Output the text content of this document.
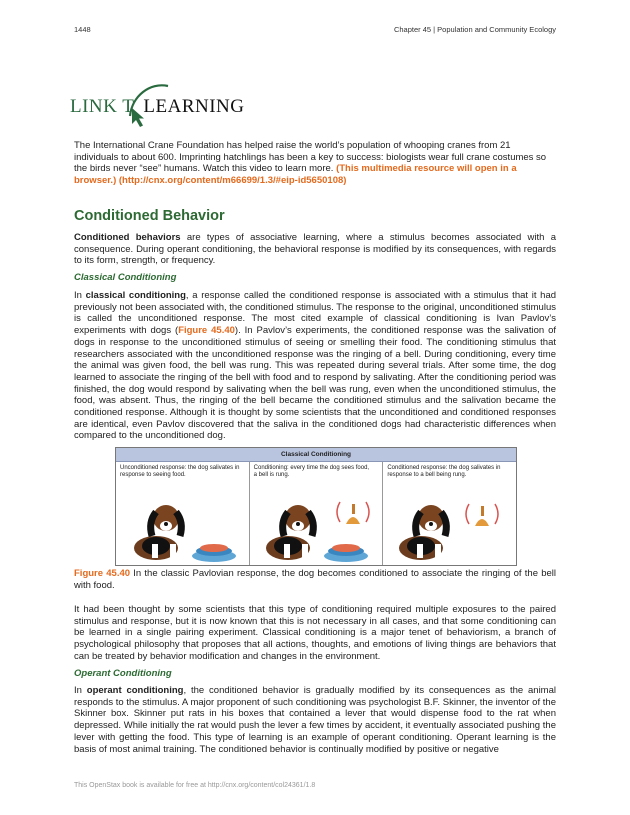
1448	Chapter 45 | Population and Community Ecology
LINK T LEARNING

The International Crane Foundation has helped raise the world’s population of whooping cranes from 21 individuals to about 600. Imprinting hatchlings has been a key to success: biologists wear full crane costumes so the birds never “see” humans. Watch this video to learn more. (This multimedia resource will open in a browser.) (http://cnx.org/content/m66699/1.3/#eip-id5650108)

Conditioned Behavior

Conditioned behaviors are types of associative learning, where a stimulus becomes associated with a consequence. During operant conditioning, the behavioral response is modified by its consequences, with regards to its form, strength, or frequency.

Classical Conditioning

In classical conditioning, a response called the conditioned response is associated with a stimulus that it had previously not been associated with, the conditioned stimulus. The response to the original, unconditioned stimulus is called the unconditioned response. The most cited example of classical conditioning is Ivan Pavlov’s experiments with dogs (Figure 45.40). In Pavlov’s experiments, the conditioned response was the salivation of dogs in response to the unconditioned stimulus of seeing or smelling their food. The conditioning stimulus that researchers associated with the unconditioned response was the ringing of a bell. During conditioning, every time the animal was given food, the bell was rung. This was repeated during several trials. After some time, the dog learned to associate the ringing of the bell with food and to respond by salivating. After the conditioning period was finished, the dog would respond by salivating when the bell was rung, even when the unconditioned stimulus, the food, was absent. Thus, the ringing of the bell became the conditioned stimulus and the salivation became the conditioned response. Although it is thought by some scientists that the unconditioned and conditioned responses are identical, even Pavlov discovered that the saliva in the conditioned dogs had characteristic differences when compared to the unconditioned dog.

Classical Conditioning
Unconditioned response: the dog salivates in response to seeing food.
Conditioning: every time the dog sees food, a bell is rung.
Conditioned response: the dog salivates in response to a bell being rung.

Figure 45.40 In the classic Pavlovian response, the dog becomes conditioned to associate the ringing of the bell with food.

It had been thought by some scientists that this type of conditioning required multiple exposures to the paired stimulus and response, but it is now known that this is not necessary in all cases, and that some conditioning can be learned in a single pairing experiment. Classical conditioning is a major tenet of behaviorism, a branch of psychological philosophy that proposes that all actions, thoughts, and emotions of living things are behaviors that can be treated by behavior modification and changes in the environment.

Operant Conditioning

In operant conditioning, the conditioned behavior is gradually modified by its consequences as the animal responds to the stimulus. A major proponent of such conditioning was psychologist B.F. Skinner, the inventor of the Skinner box. Skinner put rats in his boxes that contained a lever that would dispense food to the rat when depressed. While initially the rat would push the lever a few times by accident, it eventually associated pushing the lever with getting the food. This type of learning is an example of operant conditioning. Operant learning is the basis of most animal training. The conditioned behavior is continually modified by positive or negative

This OpenStax book is available for free at http://cnx.org/content/col24361/1.8
